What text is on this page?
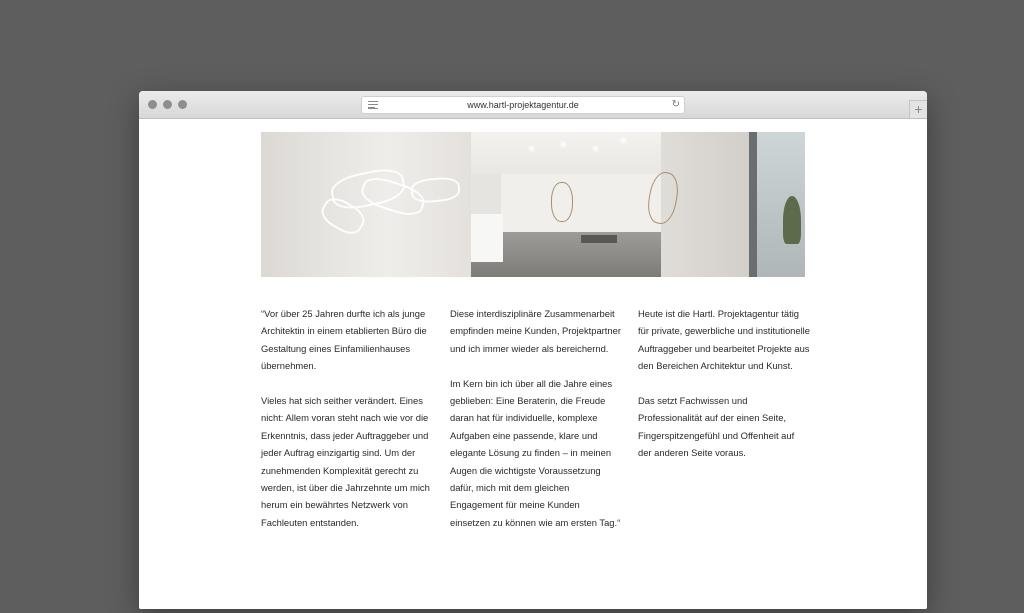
www.hartl-projektagentur.de	↻	+

“Vor über 25 Jahren durfte ich als junge Architektin in einem etablierten Büro die Gestaltung eines Einfamilienhauses übernehmen.

Vieles hat sich seither verändert. Eines nicht: Allem voran steht nach wie vor die Erkenntnis, dass jeder Auftraggeber und jeder Auftrag einzigartig sind. Um der zunehmenden Komplexität gerecht zu werden, ist über die Jahrzehnte um mich herum ein bewährtes Netzwerk von Fachleuten entstanden.

Diese interdisziplinäre Zusammenarbeit empfinden meine Kunden, Projektpartner und ich immer wieder als bereichernd.

Im Kern bin ich über all die Jahre eines geblieben: Eine Beraterin, die Freude daran hat für individuelle, komplexe Aufgaben eine passende, klare und elegante Lösung zu finden – in meinen Augen die wichtigste Voraussetzung dafür, mich mit dem gleichen Engagement für meine Kunden einsetzen zu können wie am ersten Tag.“

Heute ist die Hartl. Projektagentur tätig für private, gewerbliche und institutionelle Auftraggeber und bearbeitet Projekte aus den Bereichen Architektur und Kunst.

Das setzt Fachwissen und Professionalität auf der einen Seite, Fingerspitzengefühl und Offenheit auf der anderen Seite voraus.
